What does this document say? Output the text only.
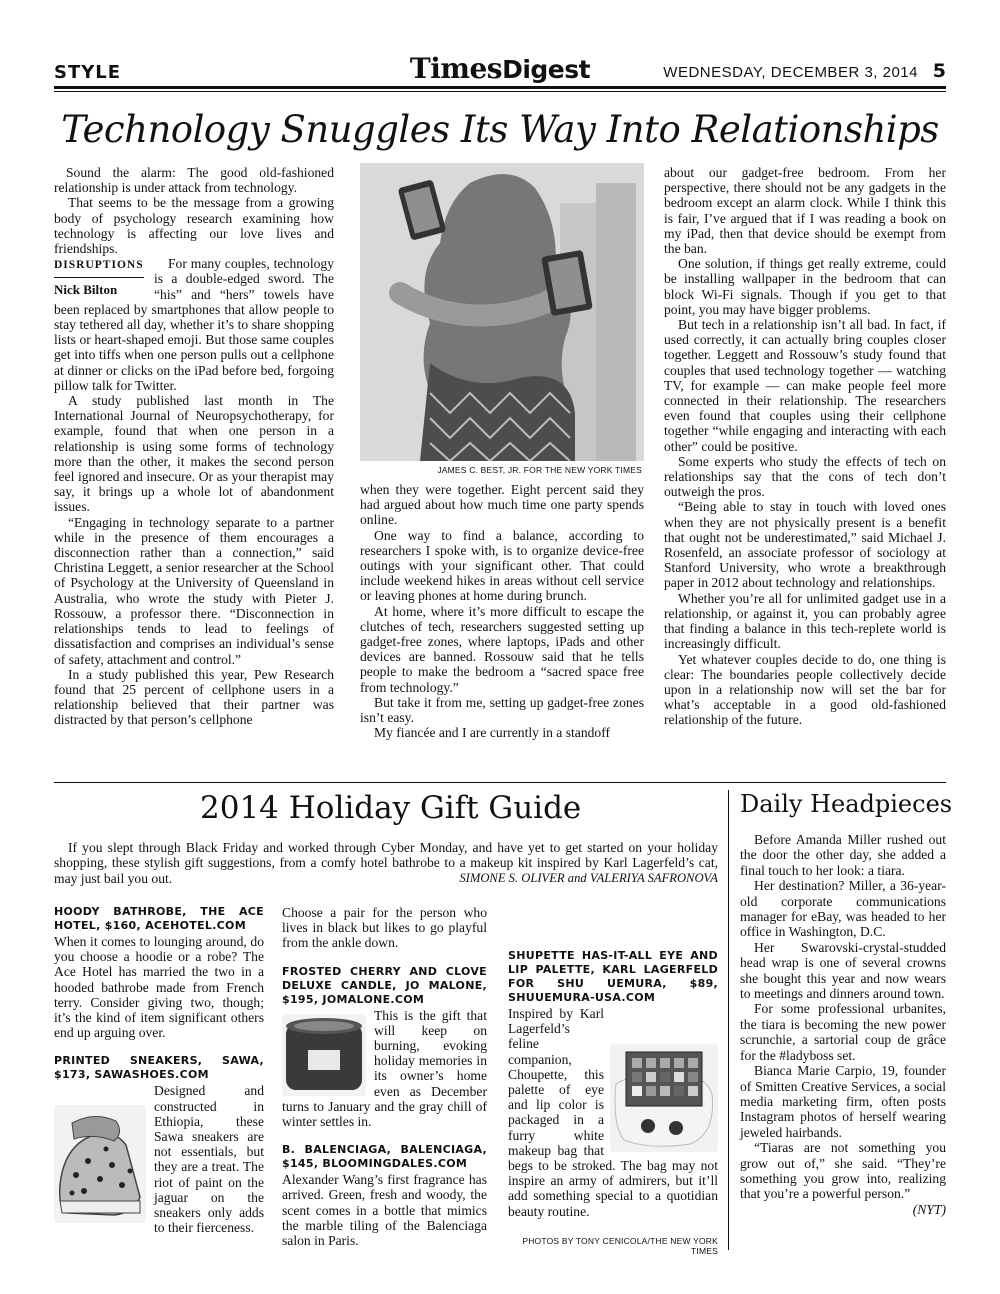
STYLE	TimesDigest	WEDNESDAY, DECEMBER 3, 2014 5
Technology Snuggles Its Way Into Relationships

Sound the alarm: The good old-fashioned relationship is under attack from technology.

That seems to be the message from a growing body of psychology research examining how technology is affecting our love lives and friendships.

DISRUPTIONS
Nick Bilton

For many couples, technology is a double-edged sword. The “his” and “hers” towels have been replaced by smartphones that allow people to stay tethered all day, whether it’s to share shopping lists or heart-shaped emoji. But those same couples get into tiffs when one person pulls out a cellphone at dinner or clicks on the iPad before bed, forgoing pillow talk for Twitter.

A study published last month in The International Journal of Neuropsychotherapy, for example, found that when one person in a relationship is using some forms of technology more than the other, it makes the second person feel ignored and insecure. Or as your therapist may say, it brings up a whole lot of abandonment issues.

“Engaging in technology separate to a partner while in the presence of them encourages a disconnection rather than a connection,” said Christina Leggett, a senior researcher at the School of Psychology at the University of Queensland in Australia, who wrote the study with Pieter J. Rossouw, a professor there. “Disconnection in relationships tends to lead to feelings of dissatisfaction and comprises an individual’s sense of safety, attachment and control.”

In a study published this year, Pew Research found that 25 percent of cellphone users in a relationship believed that their partner was distracted by that person’s cellphone

JAMES C. BEST, JR. FOR THE NEW YORK TIMES

when they were together. Eight percent said they had argued about how much time one party spends online.

One way to find a balance, according to researchers I spoke with, is to organize device-free outings with your significant other. That could include weekend hikes in areas without cell service or leaving phones at home during brunch.

At home, where it’s more difficult to escape the clutches of tech, researchers suggested setting up gadget-free zones, where laptops, iPads and other devices are banned. Rossouw said that he tells people to make the bedroom a “sacred space free from technology.”

But take it from me, setting up gadget-free zones isn’t easy.

My fiancée and I are currently in a standoff

about our gadget-free bedroom. From her perspective, there should not be any gadgets in the bedroom except an alarm clock. While I think this is fair, I’ve argued that if I was reading a book on my iPad, then that device should be exempt from the ban.

One solution, if things get really extreme, could be installing wallpaper in the bedroom that can block Wi-Fi signals. Though if you get to that point, you may have bigger problems.

But tech in a relationship isn’t all bad. In fact, if used correctly, it can actually bring couples closer together. Leggett and Rossouw’s study found that couples that used technology together — watching TV, for example — can make people feel more connected in their relationship. The researchers even found that couples using their cellphone together “while engaging and interacting with each other” could be positive.

Some experts who study the effects of tech on relationships say that the cons of tech don’t outweigh the pros.

“Being able to stay in touch with loved ones when they are not physically present is a benefit that ought not be underestimated,” said Michael J. Rosenfeld, an associate professor of sociology at Stanford University, who wrote a breakthrough paper in 2012 about technology and relationships.

Whether you’re all for unlimited gadget use in a relationship, or against it, you can probably agree that finding a balance in this tech-replete world is increasingly difficult.

Yet whatever couples decide to do, one thing is clear: The boundaries people collectively decide upon in a relationship now will set the bar for what’s acceptable in a good old-fashioned relationship of the future.

2014 Holiday Gift Guide	Daily Headpieces
If you slept through Black Friday and worked through Cyber Monday, and have yet to get started on your holiday shopping, these stylish gift suggestions, from a comfy hotel bathrobe to a makeup kit inspired by Karl Lagerfeld’s cat, may just bail you out.	SIMONE S. OLIVER and VALERIYA SAFRONOVA
HOODY BATHROBE, THE ACE HOTEL, $160, ACEHOTEL.COM

When it comes to lounging around, do you choose a hoodie or a robe? The Ace Hotel has married the two in a hooded bathrobe made from French terry. Consider giving two, though; it’s the kind of item significant others end up arguing over.

PRINTED SNEAKERS, SAWA, $173, SAWASHOES.COM

Designed and constructed in Ethiopia, these Sawa sneakers are not essentials, but they are a treat. The riot of paint on the jaguar on the sneakers only adds to their fierceness.

Choose a pair for the person who lives in black but likes to go playful from the ankle down.

FROSTED CHERRY AND CLOVE DELUXE CANDLE, JO MALONE, $195, JOMALONE.COM

This is the gift that will keep on burning, evoking holiday memories in its owner’s home even as December turns to January and the gray chill of winter settles in.

B. BALENCIAGA, BALENCIAGA, $145, BLOOMINGDALES.COM

Alexander Wang’s first fragrance has arrived. Green, fresh and woody, the scent comes in a bottle that mimics the marble tiling of the Balenciaga salon in Paris.

SHUPETTE HAS-IT-ALL EYE AND LIP PALETTE, KARL LAGERFELD FOR SHU UEMURA, $89, SHUUEMURA-USA.COM

Inspired by Karl Lagerfeld’s feline companion, Choupette, this palette of eye and lip color is packaged in a furry white makeup bag that begs to be stroked. The bag may not inspire an army of admirers, but it’ll add something special to a quotidian beauty routine.

PHOTOS BY TONY CENICOLA/THE NEW YORK TIMES

Before Amanda Miller rushed out the door the other day, she added a final touch to her look: a tiara.

Her destination? Miller, a 36-year-old corporate communications manager for eBay, was headed to her office in Washington, D.C.

Her Swarovski-crystal-studded head wrap is one of several crowns she bought this year and now wears to meetings and dinners around town.

For some professional urbanites, the tiara is becoming the new power scrunchie, a sartorial coup de grâce for the #ladyboss set.

Bianca Marie Carpio, 19, founder of Smitten Creative Services, a social media marketing firm, often posts Instagram photos of herself wearing jeweled hairbands.

“Tiaras are not something you grow out of,” she said. “They’re something you grow into, realizing that you’re a powerful person.”

(NYT)
